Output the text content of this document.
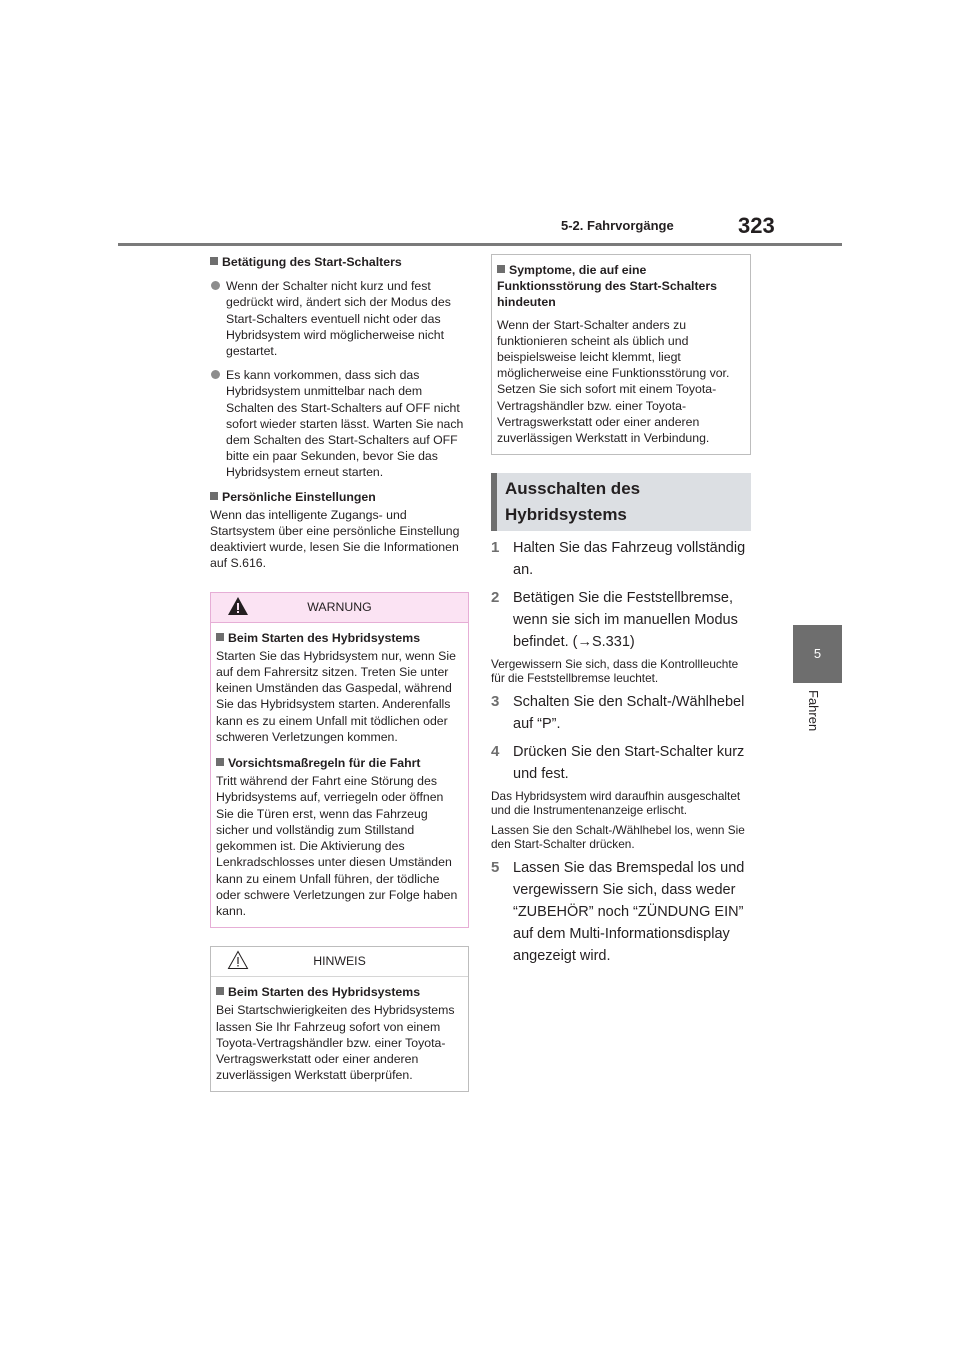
5-2. Fahrvorgänge	323
5
Fahren
Betätigung des Start-Schalters
Wenn der Schalter nicht kurz und fest gedrückt wird, ändert sich der Modus des Start-Schalters eventuell nicht oder das Hybridsystem wird möglicherweise nicht gestartet.
Es kann vorkommen, dass sich das Hybridsystem unmittelbar nach dem Schalten des Start-Schalters auf OFF nicht sofort wieder starten lässt. Warten Sie nach dem Schalten des Start-Schalters auf OFF bitte ein paar Sekunden, bevor Sie das Hybridsystem erneut starten.
Persönliche Einstellungen
Wenn das intelligente Zugangs- und Startsystem über eine persönliche Einstellung deaktiviert wurde, lesen Sie die Informationen auf S.616.
WARNUNG
Beim Starten des Hybridsystems
Starten Sie das Hybridsystem nur, wenn Sie auf dem Fahrersitz sitzen. Treten Sie unter keinen Umständen das Gaspedal, während Sie das Hybridsystem starten. Anderenfalls kann es zu einem Unfall mit tödlichen oder schweren Verletzungen kommen.
Vorsichtsmaßregeln für die Fahrt
Tritt während der Fahrt eine Störung des Hybridsystems auf, verriegeln oder öffnen Sie die Türen erst, wenn das Fahrzeug sicher und vollständig zum Stillstand gekommen ist. Die Aktivierung des Lenkradschlosses unter diesen Umständen kann zu einem Unfall führen, der tödliche oder schwere Verletzungen zur Folge haben kann.
HINWEIS
Beim Starten des Hybridsystems
Bei Startschwierigkeiten des Hybridsystems lassen Sie Ihr Fahrzeug sofort von einem Toyota-Vertragshändler bzw. einer Toyota-Vertragswerkstatt oder einer anderen zuverlässigen Werkstatt überprüfen.
Symptome, die auf eine Funktionsstörung des Start-Schalters hindeuten
Wenn der Start-Schalter anders zu funktionieren scheint als üblich und beispielsweise leicht klemmt, liegt möglicherweise eine Funktionsstörung vor. Setzen Sie sich sofort mit einem Toyota-Vertragshändler bzw. einer Toyota-Vertragswerkstatt oder einer anderen zuverlässigen Werkstatt in Verbindung.
Ausschalten des Hybridsystems
1 Halten Sie das Fahrzeug vollständig an.
2 Betätigen Sie die Feststellbremse, wenn sie sich im manuellen Modus befindet. (→S.331)
Vergewissern Sie sich, dass die Kontrollleuchte für die Feststellbremse leuchtet.
3 Schalten Sie den Schalt-/Wählhebel auf “P”.
4 Drücken Sie den Start-Schalter kurz und fest.
Das Hybridsystem wird daraufhin ausgeschaltet und die Instrumentenanzeige erlischt.
Lassen Sie den Schalt-/Wählhebel los, wenn Sie den Start-Schalter drücken.
5 Lassen Sie das Bremspedal los und vergewissern Sie sich, dass weder “ZUBEHÖR” noch “ZÜNDUNG EIN” auf dem Multi-Informationsdisplay angezeigt wird.
